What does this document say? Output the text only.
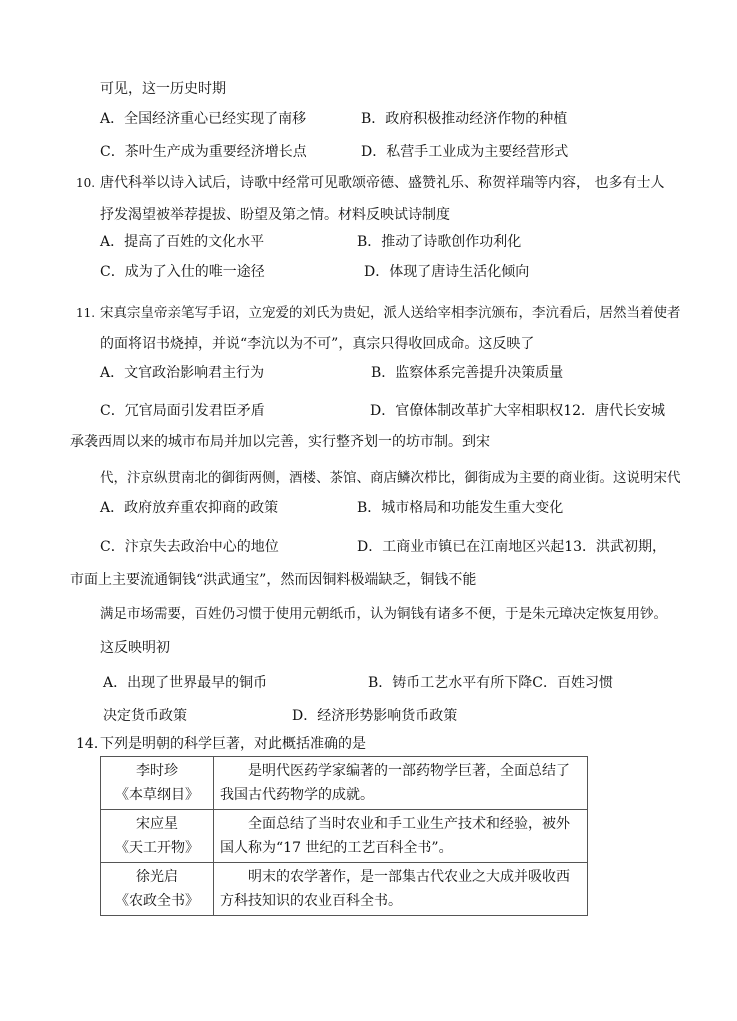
可见，这一历史时期
A．全国经济重心已经实现了南移	B．政府积极推动经济作物的种植
C．茶叶生产成为重要经济增长点	D．私营手工业成为主要经营形式
10. 唐代科举以诗入试后，诗歌中经常可见歌颂帝德、盛赞礼乐、称贺祥瑞等内容， 也多有士人
抒发渴望被举荐提拔、盼望及第之情。材料反映试诗制度
A．提高了百姓的文化水平	B．推动了诗歌创作功利化
C．成为了入仕的唯一途径	D．体现了唐诗生活化倾向
11. 宋真宗皇帝亲笔写手诏，立宠爱的刘氏为贵妃，派人送给宰相李沆颁布，李沆看后，居然当着使者
的面将诏书烧掉，并说“李沆以为不可”，真宗只得收回成命。这反映了
A．文官政治影响君主行为	B．监察体系完善提升决策质量
C．冗官局面引发君臣矛盾	D．官僚体制改革扩大宰相职权12．唐代长安城
承袭西周以来的城市布局并加以完善，实行整齐划一的坊市制。到宋
代，汴京纵贯南北的御街两侧，酒楼、茶馆、商店鳞次栉比，御街成为主要的商业街。这说明宋代
A．政府放弃重农抑商的政策	B．城市格局和功能发生重大变化
C．汴京失去政治中心的地位	D．工商业市镇已在江南地区兴起13．洪武初期，
市面上主要流通铜钱“洪武通宝”，然而因铜料极端缺乏，铜钱不能
满足市场需要，百姓仍习惯于使用元朝纸币，认为铜钱有诸多不便，于是朱元璋决定恢复用钞。
这反映明初
A．出现了世界最早的铜币	B．铸币工艺水平有所下降C．百姓习惯
决定货币政策	D．经济形势影响货币政策
14．
下列是明朝的科学巨著，对此概括准确的是
李时珍
《本草纲目》	是明代医药学家编著的一部药物学巨著，全面总结了我国古代药物学的成就。

宋应星
《天工开物》	全面总结了当时农业和手工业生产技术和经验，被外国人称为“17 世纪的工艺百科全书”。

徐光启
《农政全书》	明末的农学著作，是一部集古代农业之大成并吸收西方科技知识的农业百科全书。
